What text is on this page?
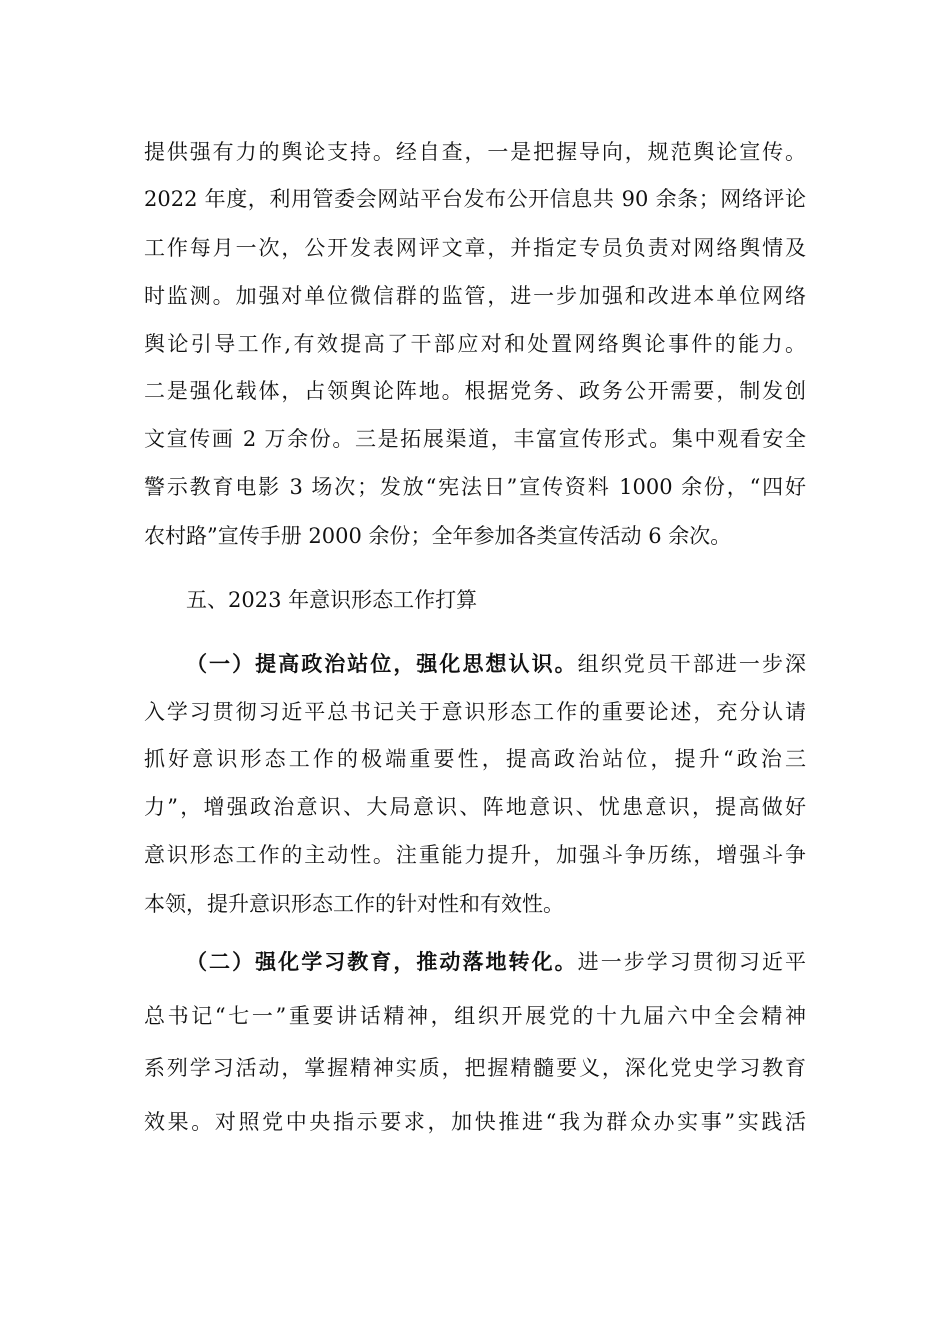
提供强有力的舆论支持。经自查，一是把握导向，规范舆论宣传。
2022 年度，利用管委会网站平台发布公开信息共 90 余条；网络评论
工作每月一次，公开发表网评文章，并指定专员负责对网络舆情及
时监测。加强对单位微信群的监管，进一步加强和改进本单位网络
舆论引导工作,有效提高了干部应对和处置网络舆论事件的能力。
二是强化载体，占领舆论阵地。根据党务、政务公开需要，制发创
文宣传画 2 万余份。三是拓展渠道，丰富宣传形式。集中观看安全
警示教育电影 3 场次；发放“宪法日”宣传资料 1000 余份，“四好
农村路”宣传手册 2000 余份；全年参加各类宣传活动 6 余次。
五、2023 年意识形态工作打算
（一）提高政治站位，强化思想认识。组织党员干部进一步深
入学习贯彻习近平总书记关于意识形态工作的重要论述，充分认请
抓好意识形态工作的极端重要性，提高政治站位，提升“政治三
力”，增强政治意识、大局意识、阵地意识、忧患意识，提高做好
意识形态工作的主动性。注重能力提升，加强斗争历练，增强斗争
本领，提升意识形态工作的针对性和有效性。
（二）强化学习教育，推动落地转化。进一步学习贯彻习近平
总书记“七一”重要讲话精神，组织开展党的十九届六中全会精神
系列学习活动，掌握精神实质，把握精髓要义，深化党史学习教育
效果。对照党中央指示要求，加快推进“我为群众办实事”实践活
